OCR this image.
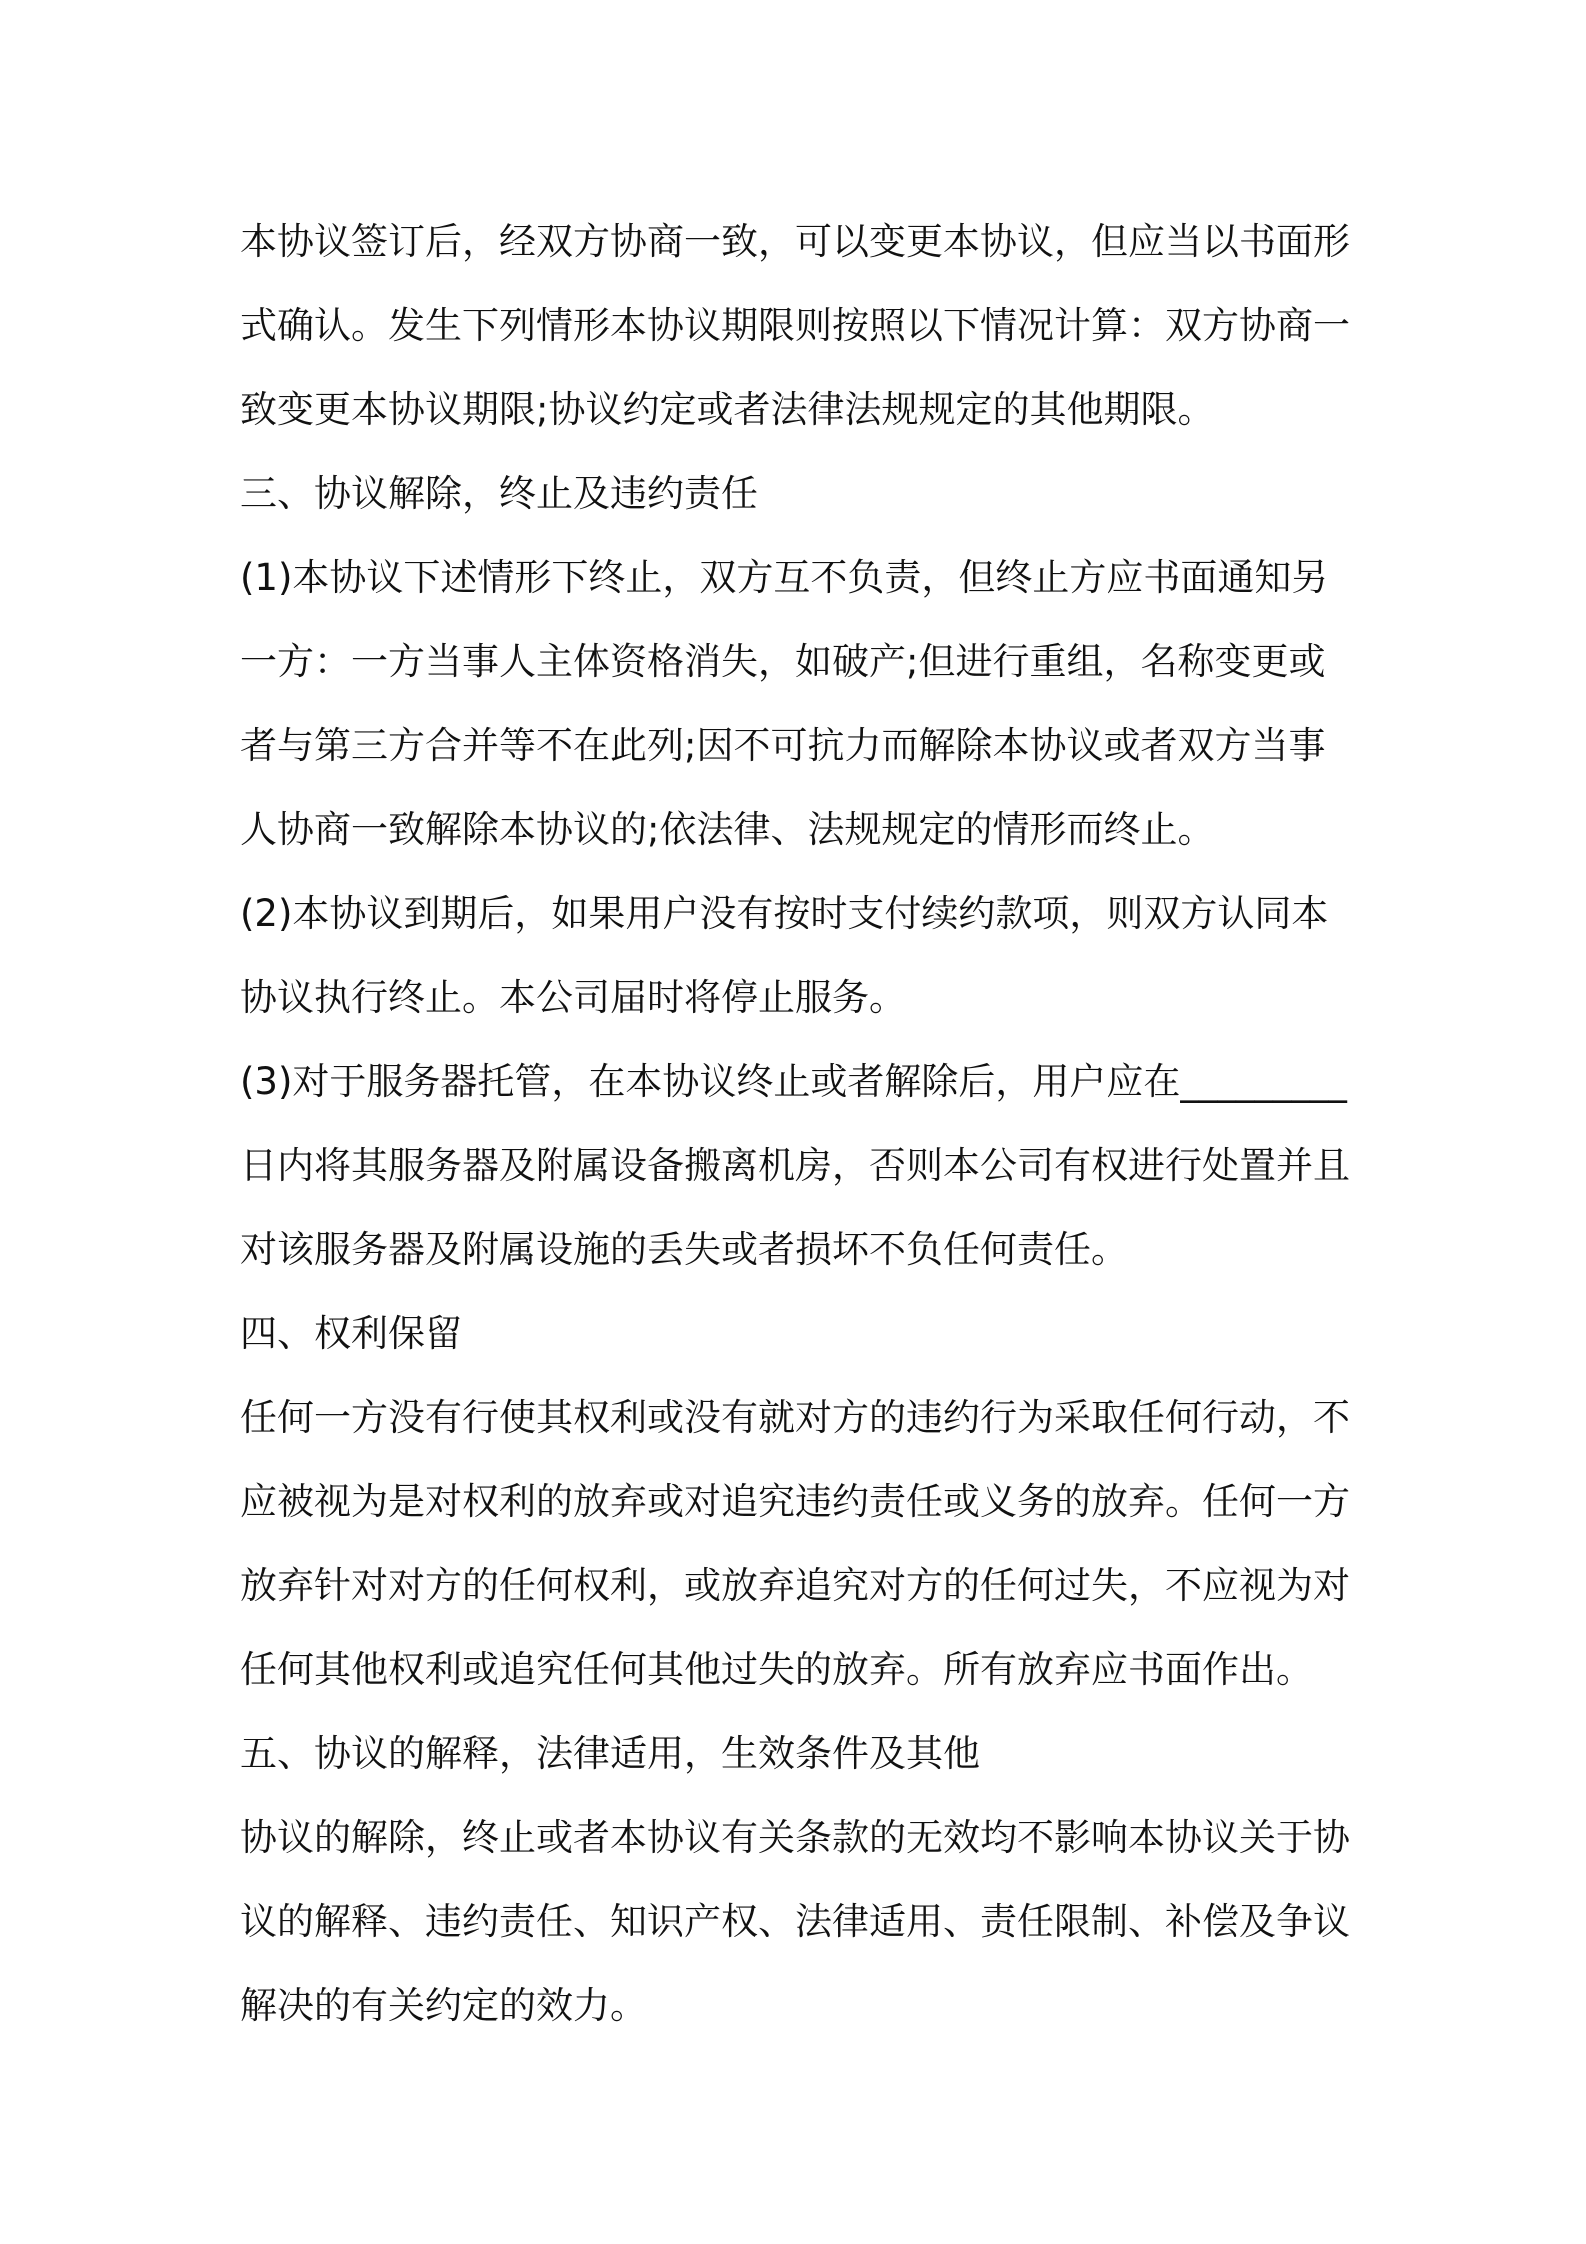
本协议签订后，经双方协商一致，可以变更本协议，但应当以书面形
式确认。发生下列情形本协议期限则按照以下情况计算：双方协商一
致变更本协议期限;协议约定或者法律法规规定的其他期限。
三、协议解除，终止及违约责任
(1)本协议下述情形下终止，双方互不负责，但终止方应书面通知另
一方：一方当事人主体资格消失，如破产;但进行重组，名称变更或
者与第三方合并等不在此列;因不可抗力而解除本协议或者双方当事
人协商一致解除本协议的;依法律、法规规定的情形而终止。
(2)本协议到期后，如果用户没有按时支付续约款项，则双方认同本
协议执行终止。本公司届时将停止服务。
(3)对于服务器托管，在本协议终止或者解除后，用户应在_________
日内将其服务器及附属设备搬离机房，否则本公司有权进行处置并且
对该服务器及附属设施的丢失或者损坏不负任何责任。
四、权利保留
任何一方没有行使其权利或没有就对方的违约行为采取任何行动，不
应被视为是对权利的放弃或对追究违约责任或义务的放弃。任何一方
放弃针对对方的任何权利，或放弃追究对方的任何过失，不应视为对
任何其他权利或追究任何其他过失的放弃。所有放弃应书面作出。
五、协议的解释，法律适用，生效条件及其他
协议的解除，终止或者本协议有关条款的无效均不影响本协议关于协
议的解释、违约责任、知识产权、法律适用、责任限制、补偿及争议
解决的有关约定的效力。
